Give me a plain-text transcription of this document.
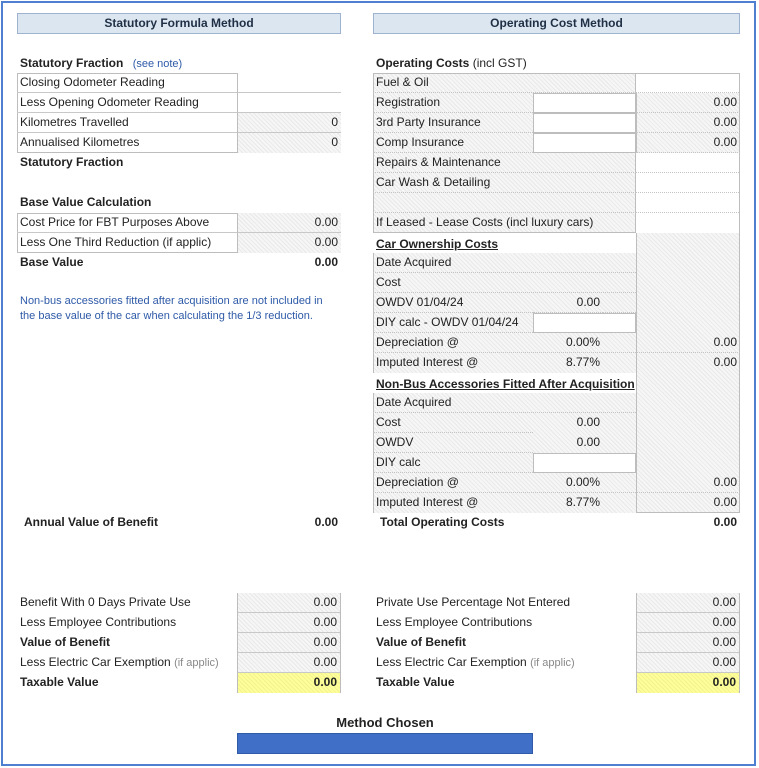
Statutory Formula Method	Operating Cost Method
Statutory Fraction (see note)
Closing Odometer Reading
Less Opening Odometer Reading
Kilometres Travelled	0
Annualised Kilometres	0
Statutory Fraction
Base Value Calculation
Cost Price for FBT Purposes Above	0.00
Less One Third Reduction (if applic)	0.00
Base Value	0.00
Non-bus accessories fitted after acquisition are not included in
the base value of the car when calculating the 1/3 reduction.
Annual Value of Benefit	0.00
Operating Costs (incl GST)
Fuel & Oil
Registration	0.00
3rd Party Insurance	0.00
Comp Insurance	0.00
Repairs & Maintenance
Car Wash & Detailing
If Leased - Lease Costs (incl luxury cars)
Car Ownership Costs
Date Acquired
Cost
OWDV 01/04/24	0.00
DIY calc - OWDV 01/04/24
Depreciation @	0.00%	0.00
Imputed Interest @	8.77%	0.00
Non-Bus Accessories Fitted After Acquisition
Date Acquired
Cost	0.00
OWDV	0.00
DIY calc
Depreciation @	0.00%	0.00
Imputed Interest @	8.77%	0.00
Total Operating Costs	0.00
Benefit With 0 Days Private Use	0.00
Less Employee Contributions	0.00
Value of Benefit	0.00
Less Electric Car Exemption (if applic)	0.00
Taxable Value	0.00
Private Use Percentage Not Entered	0.00
Less Employee Contributions	0.00
Value of Benefit	0.00
Less Electric Car Exemption (if applic)	0.00
Taxable Value	0.00
Method Chosen
